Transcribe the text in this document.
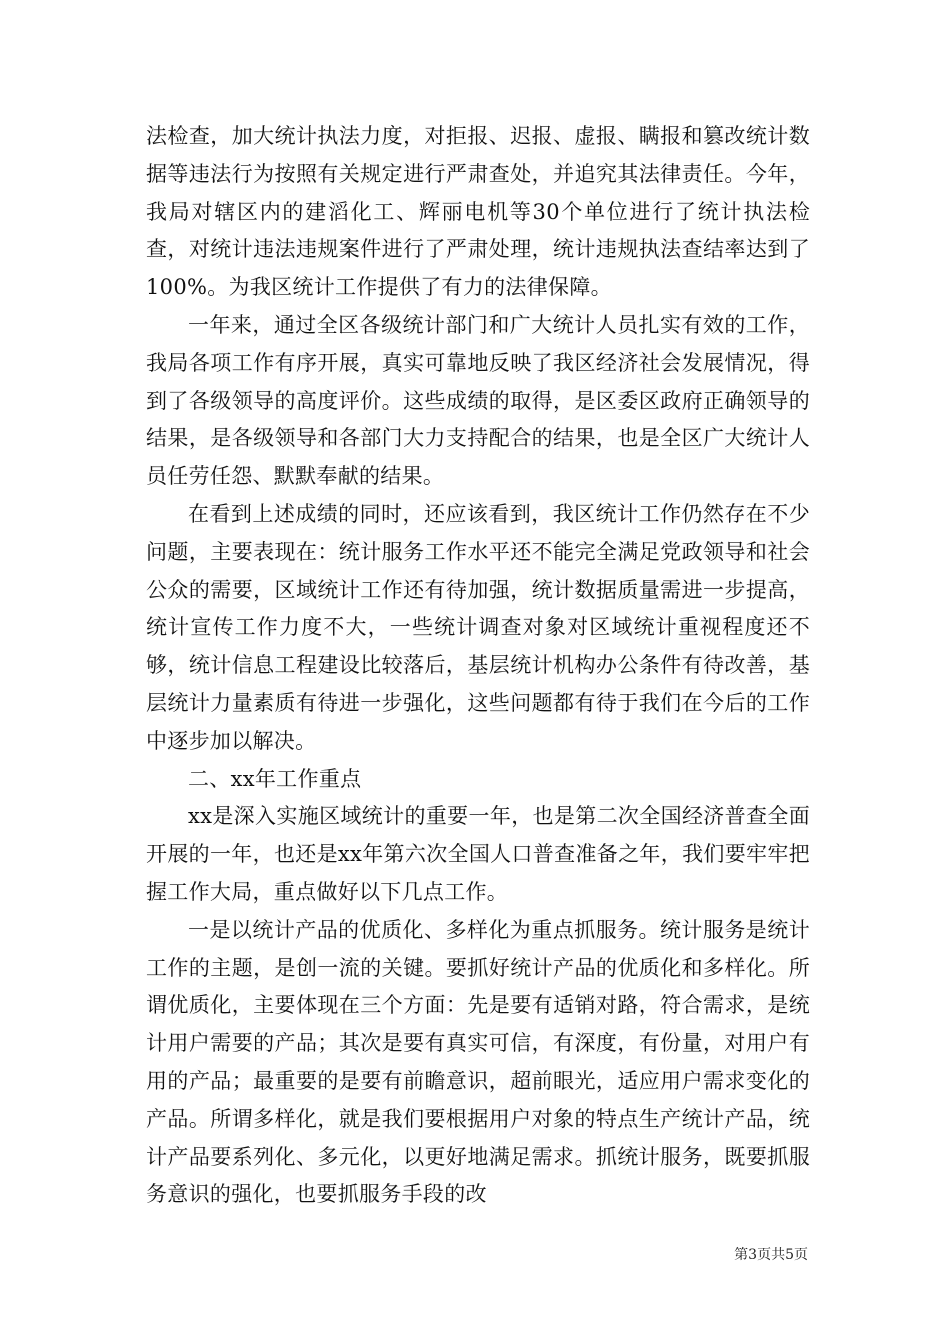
法检查，加大统计执法力度，对拒报、迟报、虚报、瞒报和篡改统计数据等违法行为按照有关规定进行严肃查处，并追究其法律责任。今年，我局对辖区内的建滔化工、辉丽电机等30个单位进行了统计执法检查，对统计违法违规案件进行了严肃处理，统计违规执法查结率达到了100%。为我区统计工作提供了有力的法律保障。

一年来，通过全区各级统计部门和广大统计人员扎实有效的工作，我局各项工作有序开展，真实可靠地反映了我区经济社会发展情况，得到了各级领导的高度评价。这些成绩的取得，是区委区政府正确领导的结果，是各级领导和各部门大力支持配合的结果，也是全区广大统计人员任劳任怨、默默奉献的结果。

在看到上述成绩的同时，还应该看到，我区统计工作仍然存在不少问题，主要表现在：统计服务工作水平还不能完全满足党政领导和社会公众的需要，区域统计工作还有待加强，统计数据质量需进一步提高，统计宣传工作力度不大，一些统计调查对象对区域统计重视程度还不够，统计信息工程建设比较落后，基层统计机构办公条件有待改善，基层统计力量素质有待进一步强化，这些问题都有待于我们在今后的工作中逐步加以解决。

二、xx年工作重点

xx是深入实施区域统计的重要一年，也是第二次全国经济普查全面开展的一年，也还是xx年第六次全国人口普查准备之年，我们要牢牢把握工作大局，重点做好以下几点工作。

一是以统计产品的优质化、多样化为重点抓服务。统计服务是统计工作的主题，是创一流的关键。要抓好统计产品的优质化和多样化。所谓优质化，主要体现在三个方面：先是要有适销对路，符合需求，是统计用户需要的产品；其次是要有真实可信，有深度，有份量，对用户有用的产品；最重要的是要有前瞻意识，超前眼光，适应用户需求变化的产品。所谓多样化，就是我们要根据用户对象的特点生产统计产品，统计产品要系列化、多元化，以更好地满足需求。抓统计服务，既要抓服务意识的强化，也要抓服务手段的改

第3页共5页
